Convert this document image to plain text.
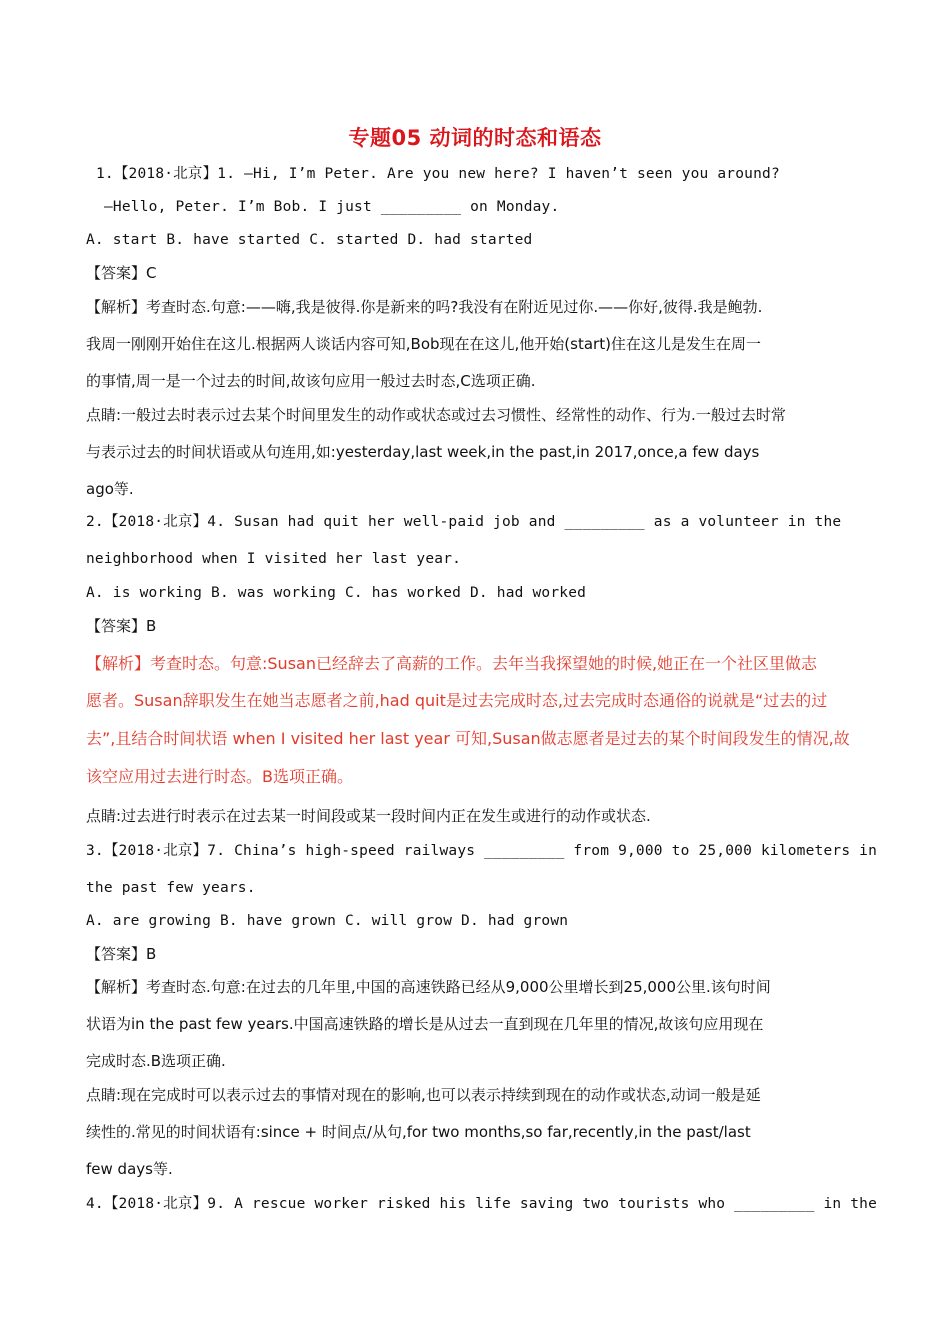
专题05 动词的时态和语态
1.【2018·北京】1. —Hi, I’m Peter. Are you new here? I haven’t seen you around?
—Hello, Peter. I’m Bob. I just _________ on Monday.
A. start B. have started C. started D. had started
【答案】C
【解析】考查时态.句意:——嗨,我是彼得.你是新来的吗?我没有在附近见过你.——你好,彼得.我是鲍勃.
我周一刚刚开始住在这儿.根据两人谈话内容可知,Bob现在在这儿,他开始(start)住在这儿是发生在周一
的事情,周一是一个过去的时间,故该句应用一般过去时态,C选项正确.
点睛:一般过去时表示过去某个时间里发生的动作或状态或过去习惯性、经常性的动作、行为.一般过去时常
与表示过去的时间状语或从句连用,如:yesterday,last week,in the past,in 2017,once,a few days
ago等.
2.【2018·北京】4. Susan had quit her well-paid job and _________ as a volunteer in the
neighborhood when I visited her last year.
A. is working B. was working C. has worked D. had worked
【答案】B
【解析】考查时态。句意:Susan已经辞去了高薪的工作。去年当我探望她的时候,她正在一个社区里做志
愿者。Susan辞职发生在她当志愿者之前,had quit是过去完成时态,过去完成时态通俗的说就是“过去的过
去”,且结合时间状语 when I visited her last year 可知,Susan做志愿者是过去的某个时间段发生的情况,故
该空应用过去进行时态。B选项正确。
点睛:过去进行时表示在过去某一时间段或某一段时间内正在发生或进行的动作或状态.
3.【2018·北京】7. China’s high-speed railways _________ from 9,000 to 25,000 kilometers in
the past few years.
A. are growing B. have grown C. will grow D. had grown
【答案】B
【解析】考查时态.句意:在过去的几年里,中国的高速铁路已经从9,000公里增长到25,000公里.该句时间
状语为in the past few years.中国高速铁路的增长是从过去一直到现在几年里的情况,故该句应用现在
完成时态.B选项正确.
点睛:现在完成时可以表示过去的事情对现在的影响,也可以表示持续到现在的动作或状态,动词一般是延
续性的.常见的时间状语有:since + 时间点/从句,for two months,so far,recently,in the past/last
few days等.
4.【2018·北京】9. A rescue worker risked his life saving two tourists who _________ in the
